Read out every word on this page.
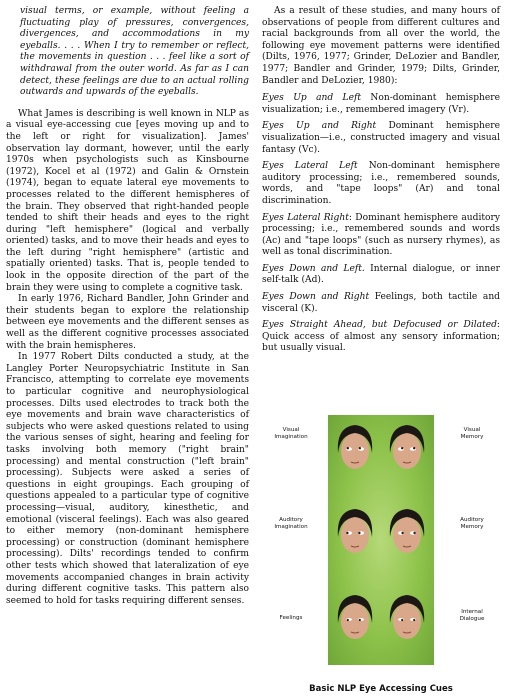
visual terms, or example, without feeling a fluctuating play of pressures, convergences, divergences, and accommodations in my eyeballs. . . . When I try to remember or reflect, the movements in question . . . feel like a sort of withdrawal from the outer world. As far as I can detect, these feelings are due to an actual rolling outwards and upwards of the eyeballs.

What James is describing is well known in NLP as a visual eye-accessing cue [eyes moving up and to the left or right for visualization]. James' observation lay dormant, however, until the early 1970s when psychologists such as Kinsbourne (1972), Kocel et al (1972) and Galin & Ornstein (1974), began to equate lateral eye movements to processes related to the different hemispheres of the brain. They observed that right-handed people tended to shift their heads and eyes to the right during "left hemisphere" (logical and verbally oriented) tasks, and to move their heads and eyes to the left during "right hemisphere" (artistic and spatially oriented) tasks. That is, people tended to look in the opposite direction of the part of the brain they were using to complete a cognitive task.

In early 1976, Richard Bandler, John Grinder and their students began to explore the relationship between eye movements and the different senses as well as the different cognitive processes associated with the brain hemispheres.

In 1977 Robert Dilts conducted a study, at the Langley Porter Neuropsychiatric Institute in San Francisco, attempting to correlate eye movements to particular cognitive and neurophysiological processes. Dilts used electrodes to track both the eye movements and brain wave characteristics of subjects who were asked questions related to using the various senses of sight, hearing and feeling for tasks involving both memory ("right brain" processing) and mental construction ("left brain" processing). Subjects were asked a series of questions in eight groupings. Each grouping of questions appealed to a particular type of cognitive processing—visual, auditory, kinesthetic, and emotional (visceral feelings). Each was also geared to either memory (non-dominant hemisphere processing) or construction (dominant hemisphere processing). Dilts' recordings tended to confirm other tests which showed that lateralization of eye movements accompanied changes in brain activity during different cognitive tasks. This pattern also seemed to hold for tasks requiring different senses.

As a result of these studies, and many hours of observations of people from different cultures and racial backgrounds from all over the world, the following eye movement patterns were identified (Dilts, 1976, 1977; Grinder, DeLozier and Bandler, 1977; Bandler and Grinder, 1979; Dilts, Grinder, Bandler and DeLozier, 1980):

Eyes Up and Left Non-dominant hemisphere visualization; i.e., remembered imagery (Vr).

Eyes Up and Right Dominant hemisphere visualization—i.e., constructed imagery and visual fantasy (Vc).

Eyes Lateral Left Non-dominant hemisphere auditory processing; i.e., remembered sounds, words, and "tape loops" (Ar) and tonal discrimination.

Eyes Lateral Right: Dominant hemisphere auditory processing; i.e., remembered sounds and words (Ac) and "tape loops" (such as nursery rhymes), as well as tonal discrimination.

Eyes Down and Left. Internal dialogue, or inner self-talk (Ad).

Eyes Down and Right Feelings, both tactile and visceral (K).

Eyes Straight Ahead, but Defocused or Dilated: Quick access of almost any sensory information; but usually visual.

Visual
Imagination
Visual
Memory
Auditory
Imagination
Auditory
Memory
Feelings
Internal
Dialogue
Basic NLP Eye Accessing Cues
